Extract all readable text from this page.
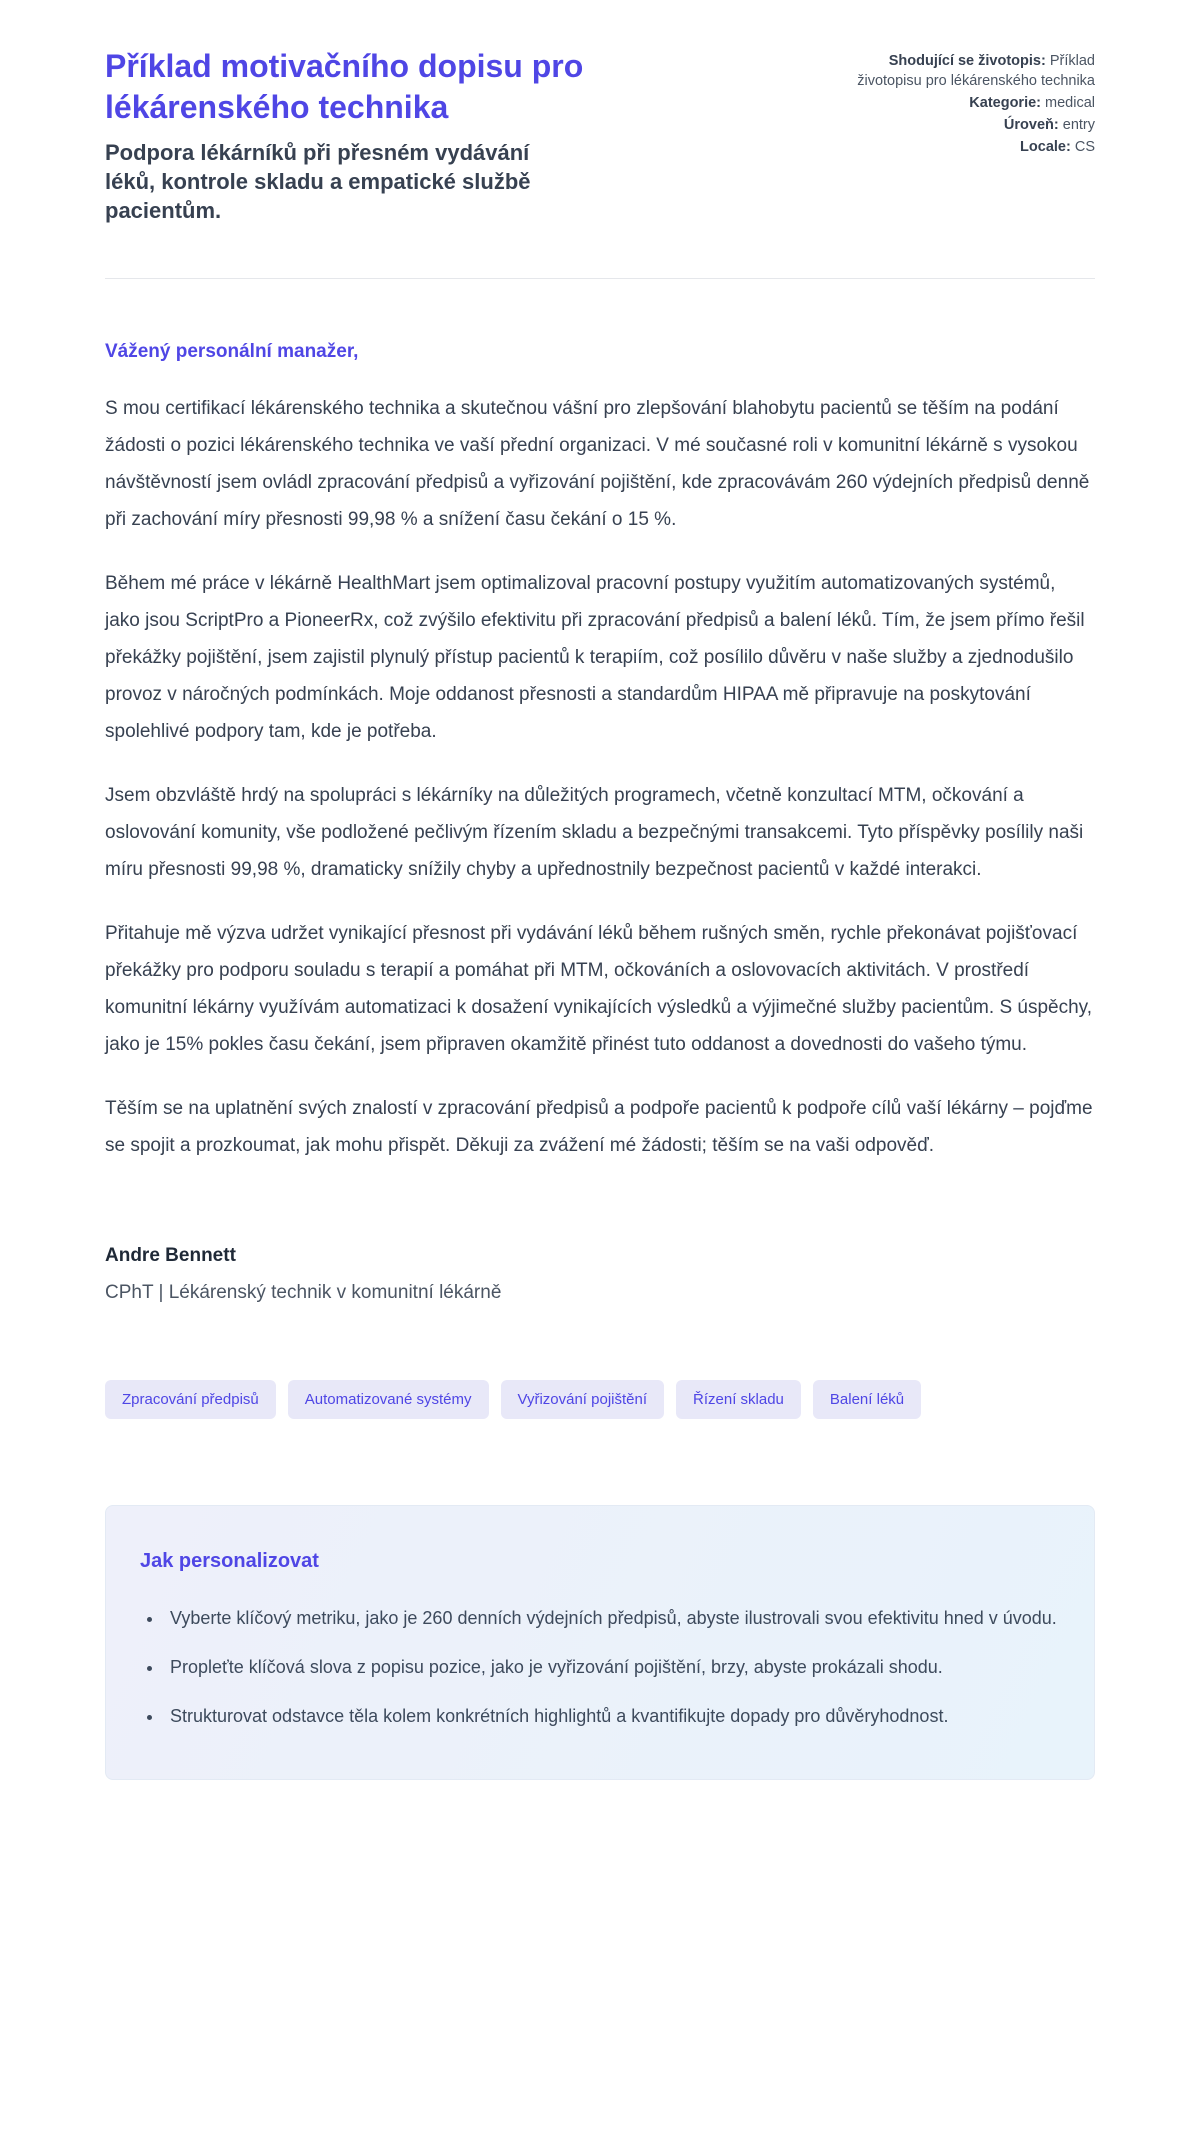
Příklad motivačního dopisu pro lékárenského technika

Podpora lékárníků při přesném vydávání léků, kontrole skladu a empatické službě pacientům.

Shodující se životopis: Příklad životopisu pro lékárenského technika
Kategorie: medical
Úroveň: entry
Locale: CS

Vážený personální manažer,

S mou certifikací lékárenského technika a skutečnou vášní pro zlepšování blahobytu pacientů se těším na podání žádosti o pozici lékárenského technika ve vaší přední organizaci. V mé současné roli v komunitní lékárně s vysokou návštěvností jsem ovládl zpracování předpisů a vyřizování pojištění, kde zpracovávám 260 výdejních předpisů denně při zachování míry přesnosti 99,98 % a snížení času čekání o 15 %.

Během mé práce v lékárně HealthMart jsem optimalizoval pracovní postupy využitím automatizovaných systémů, jako jsou ScriptPro a PioneerRx, což zvýšilo efektivitu při zpracování předpisů a balení léků. Tím, že jsem přímo řešil překážky pojištění, jsem zajistil plynulý přístup pacientů k terapiím, což posílilo důvěru v naše služby a zjednodušilo provoz v náročných podmínkách. Moje oddanost přesnosti a standardům HIPAA mě připravuje na poskytování spolehlivé podpory tam, kde je potřeba.

Jsem obzvláště hrdý na spolupráci s lékárníky na důležitých programech, včetně konzultací MTM, očkování a oslovování komunity, vše podložené pečlivým řízením skladu a bezpečnými transakcemi. Tyto příspěvky posílily naši míru přesnosti 99,98 %, dramaticky snížily chyby a upřednostnily bezpečnost pacientů v každé interakci.

Přitahuje mě výzva udržet vynikající přesnost při vydávání léků během rušných směn, rychle překonávat pojišťovací překážky pro podporu souladu s terapií a pomáhat při MTM, očkováních a oslovovacích aktivitách. V prostředí komunitní lékárny využívám automatizaci k dosažení vynikajících výsledků a výjimečné služby pacientům. S úspěchy, jako je 15% pokles času čekání, jsem připraven okamžitě přinést tuto oddanost a dovednosti do vašeho týmu.

Těším se na uplatnění svých znalostí v zpracování předpisů a podpoře pacientů k podpoře cílů vaší lékárny – pojďme se spojit a prozkoumat, jak mohu přispět. Děkuji za zvážení mé žádosti; těším se na vaši odpověď.

Andre Bennett

CPhT | Lékárenský technik v komunitní lékárně

Zpracování předpisů	Automatizované systémy	Vyřizování pojištění	Řízení skladu	Balení léků
Jak personalizovat
• Vyberte klíčový metriku, jako je 260 denních výdejních předpisů, abyste ilustrovali svou efektivitu hned v úvodu.
• Propleťte klíčová slova z popisu pozice, jako je vyřizování pojištění, brzy, abyste prokázali shodu.
• Strukturovat odstavce těla kolem konkrétních highlightů a kvantifikujte dopady pro důvěryhodnost.
